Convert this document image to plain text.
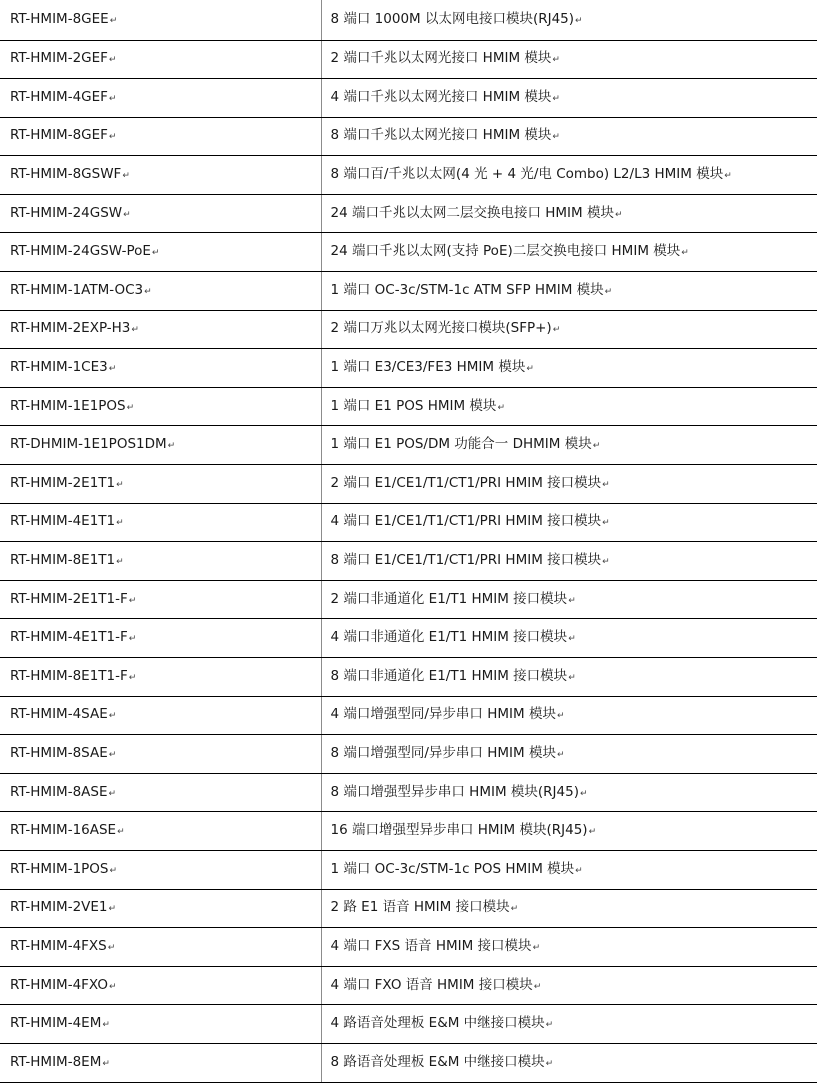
RT-HMIM-8GEE↵	8 端口 1000M 以太网电接口模块(RJ45)↵
RT-HMIM-2GEF↵	2 端口千兆以太网光接口 HMIM 模块↵
RT-HMIM-4GEF↵	4 端口千兆以太网光接口 HMIM 模块↵
RT-HMIM-8GEF↵	8 端口千兆以太网光接口 HMIM 模块↵
RT-HMIM-8GSWF↵	8 端口百/千兆以太网(4 光 + 4 光/电 Combo) L2/L3 HMIM 模块↵
RT-HMIM-24GSW↵	24 端口千兆以太网二层交换电接口 HMIM 模块↵
RT-HMIM-24GSW-PoE↵	24 端口千兆以太网(支持 PoE)二层交换电接口 HMIM 模块↵
RT-HMIM-1ATM-OC3↵	1 端口 OC-3c/STM-1c ATM SFP HMIM 模块↵
RT-HMIM-2EXP-H3↵	2 端口万兆以太网光接口模块(SFP+)↵
RT-HMIM-1CE3↵	1 端口 E3/CE3/FE3 HMIM 模块↵
RT-HMIM-1E1POS↵	1 端口 E1 POS HMIM 模块↵
RT-DHMIM-1E1POS1DM↵	1 端口 E1 POS/DM 功能合一 DHMIM 模块↵
RT-HMIM-2E1T1↵	2 端口 E1/CE1/T1/CT1/PRI HMIM 接口模块↵
RT-HMIM-4E1T1↵	4 端口 E1/CE1/T1/CT1/PRI HMIM 接口模块↵
RT-HMIM-8E1T1↵	8 端口 E1/CE1/T1/CT1/PRI HMIM 接口模块↵
RT-HMIM-2E1T1-F↵	2 端口非通道化 E1/T1 HMIM 接口模块↵
RT-HMIM-4E1T1-F↵	4 端口非通道化 E1/T1 HMIM 接口模块↵
RT-HMIM-8E1T1-F↵	8 端口非通道化 E1/T1 HMIM 接口模块↵
RT-HMIM-4SAE↵	4 端口增强型同/异步串口 HMIM 模块↵
RT-HMIM-8SAE↵	8 端口增强型同/异步串口 HMIM 模块↵
RT-HMIM-8ASE↵	8 端口增强型异步串口 HMIM 模块(RJ45)↵
RT-HMIM-16ASE↵	16 端口增强型异步串口 HMIM 模块(RJ45)↵
RT-HMIM-1POS↵	1 端口 OC-3c/STM-1c POS HMIM 模块↵
RT-HMIM-2VE1↵	2 路 E1 语音 HMIM 接口模块↵
RT-HMIM-4FXS↵	4 端口 FXS 语音 HMIM 接口模块↵
RT-HMIM-4FXO↵	4 端口 FXO 语音 HMIM 接口模块↵
RT-HMIM-4EM↵	4 路语音处理板 E&M 中继接口模块↵
RT-HMIM-8EM↵	8 路语音处理板 E&M 中继接口模块↵
